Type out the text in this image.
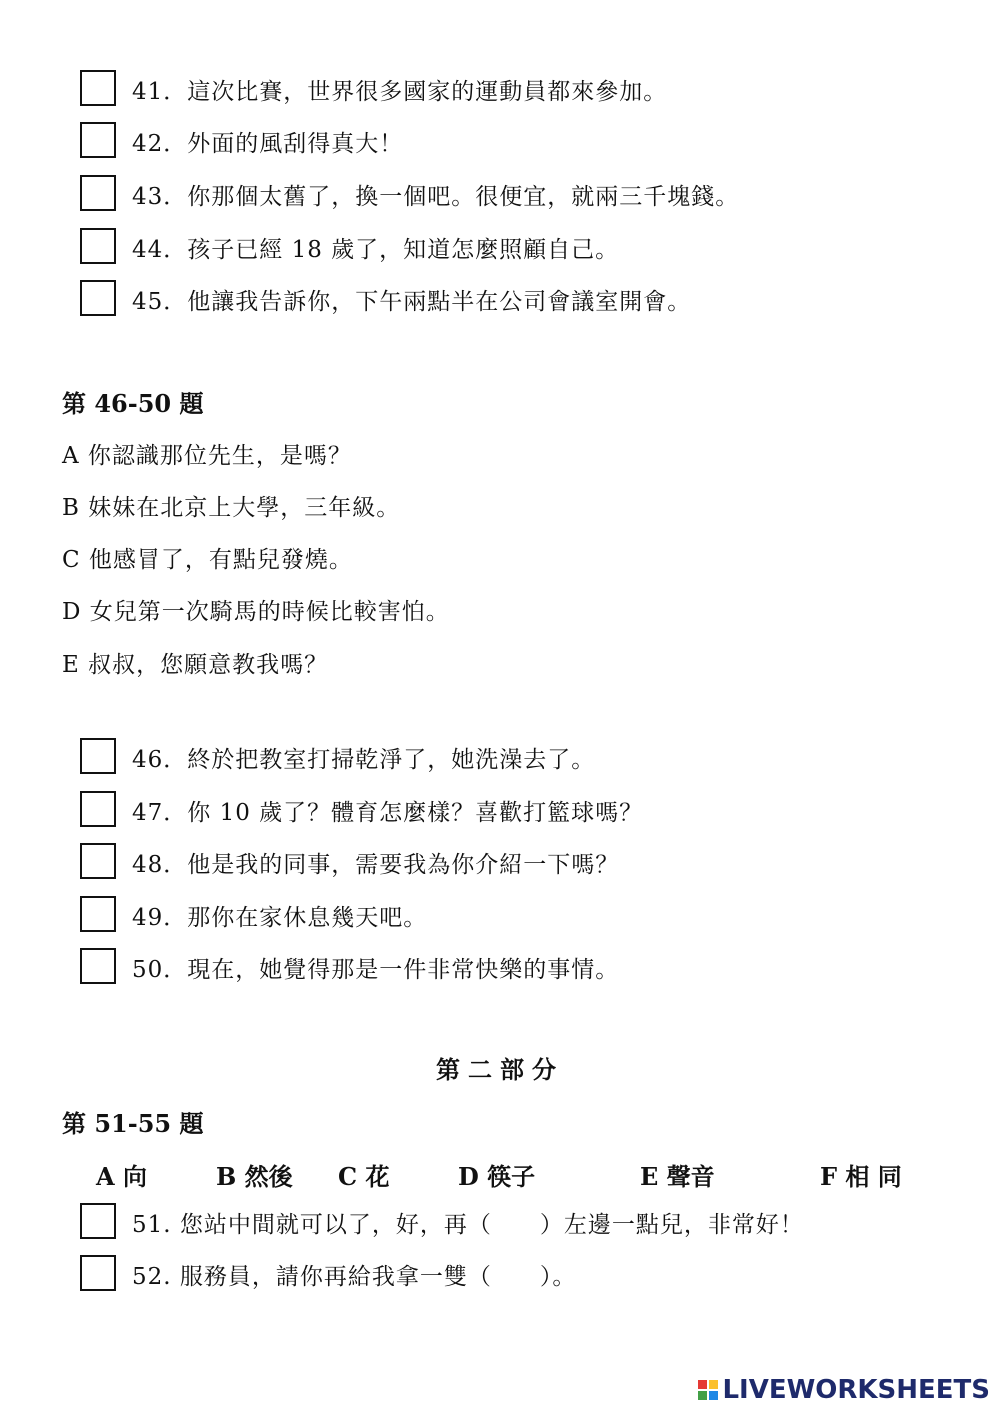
41．這次比賽，世界很多國家的運動員都來參加。
42．外面的風刮得真大！
43．你那個太舊了，換一個吧。很便宜，就兩三千塊錢。
44．孩子已經 18 歲了，知道怎麼照顧自己。
45．他讓我告訴你，下午兩點半在公司會議室開會。
第 46-50 題
A 你認識那位先生，是嗎？
B 妹妹在北京上大學，三年級。
C 他感冒了，有點兒發燒。
D 女兒第一次騎馬的時候比較害怕。
E 叔叔，您願意教我嗎？
46．終於把教室打掃乾淨了，她洗澡去了。
47．你 10 歲了？體育怎麼樣？喜歡打籃球嗎？
48．他是我的同事，需要我為你介紹一下嗎？
49．那你在家休息幾天吧。
50．現在，她覺得那是一件非常快樂的事情。
第二部分
第 51-55 題
A 向	B 然後 C 花	D 筷子	E 聲音	F 相 同
51. 您站中間就可以了，好，再（　　）左邊一點兒，非常好！
52. 服務員，請你再給我拿一雙（　　）。
LIVEWORKSHEETS
